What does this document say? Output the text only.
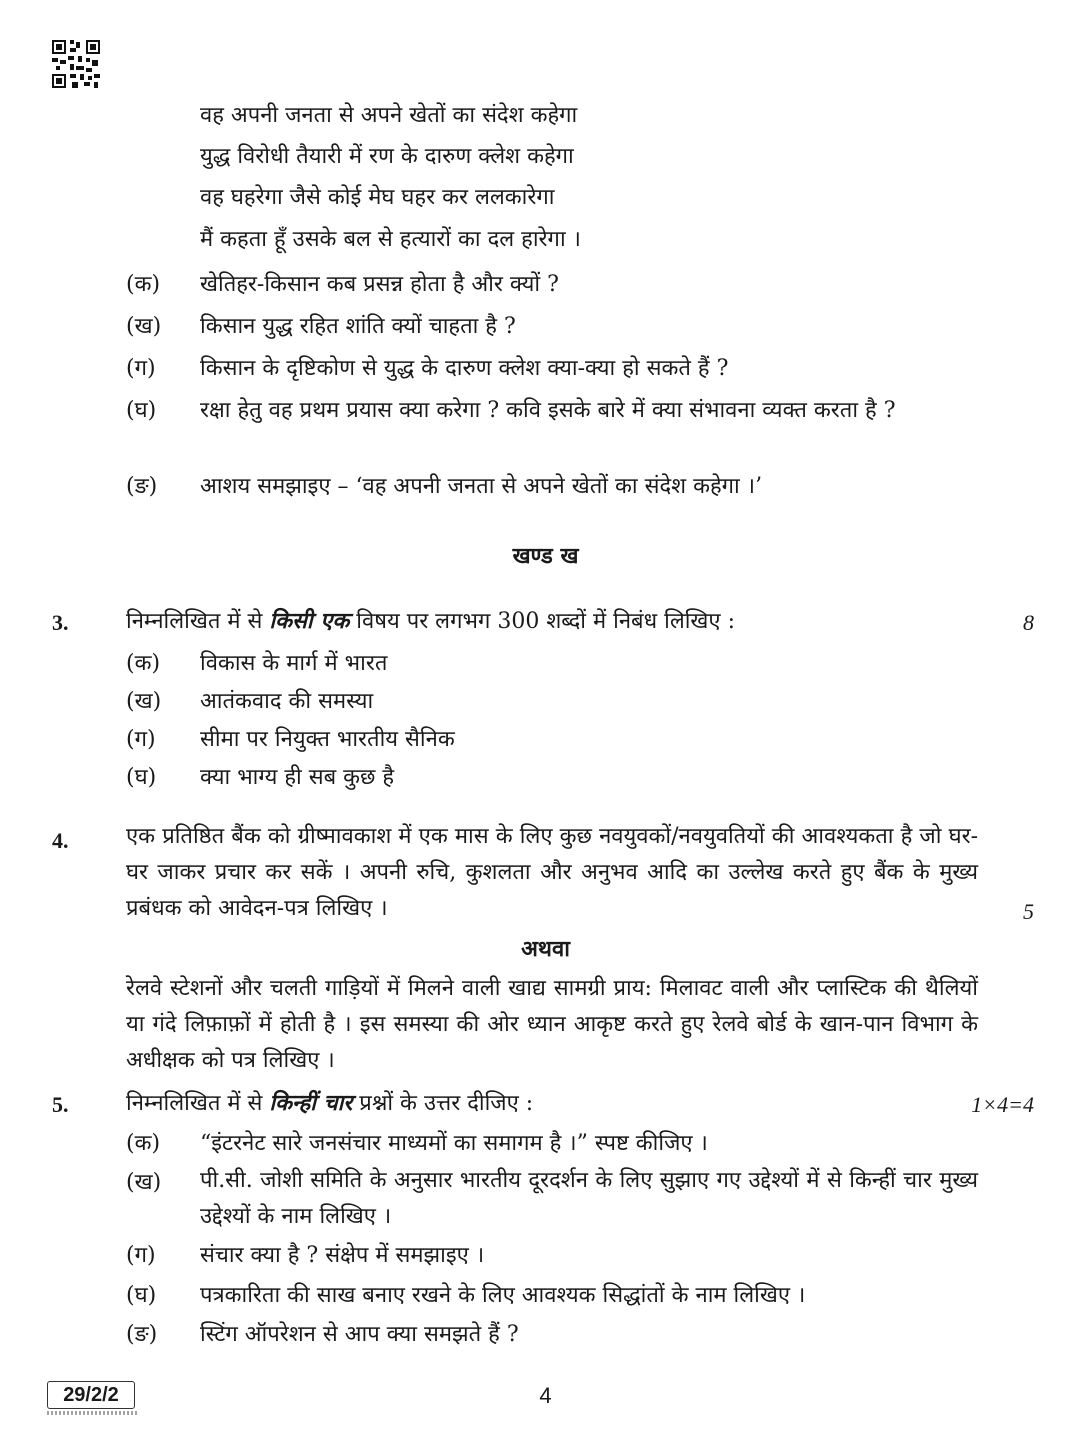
वह अपनी जनता से अपने खेतों का संदेश कहेगा
युद्ध विरोधी तैयारी में रण के दारुण क्लेश कहेगा
वह घहरेगा जैसे कोई मेघ घहर कर ललकारेगा
मैं कहता हूँ उसके बल से हत्यारों का दल हारेगा ।
(क) खेतिहर-किसान कब प्रसन्न होता है और क्यों ?
(ख) किसान युद्ध रहित शांति क्यों चाहता है ?
(ग) किसान के दृष्टिकोण से युद्ध के दारुण क्लेश क्या-क्या हो सकते हैं ?
(घ) रक्षा हेतु वह प्रथम प्रयास क्या करेगा ? कवि इसके बारे में क्या संभावना व्यक्त करता है ?
(ङ) आशय समझाइए – ‘वह अपनी जनता से अपने खेतों का संदेश कहेगा ।’
खण्ड ख
3.	निम्नलिखित में से किसी एक विषय पर लगभग 300 शब्दों में निबंध लिखिए :	8
(क) विकास के मार्ग में भारत
(ख) आतंकवाद की समस्या
(ग) सीमा पर नियुक्त भारतीय सैनिक
(घ) क्या भाग्य ही सब कुछ है
4.	एक प्रतिष्ठित बैंक को ग्रीष्मावकाश में एक मास के लिए कुछ नवयुवकों/नवयुवतियों की आवश्यकता है जो घर-घर जाकर प्रचार कर सकें । अपनी रुचि, कुशलता और अनुभव आदि का उल्लेख करते हुए बैंक के मुख्य प्रबंधक को आवेदन-पत्र लिखिए ।	5
अथवा
रेलवे स्टेशनों और चलती गाड़ियों में मिलने वाली खाद्य सामग्री प्राय: मिलावट वाली और प्लास्टिक की थैलियों या गंदे लिफ़ाफ़ों में होती है । इस समस्या की ओर ध्यान आकृष्ट करते हुए रेलवे बोर्ड के खान-पान विभाग के अधीक्षक को पत्र लिखिए ।
5.	निम्नलिखित में से किन्हीं चार प्रश्नों के उत्तर दीजिए :	1×4=4
(क) “इंटरनेट सारे जनसंचार माध्यमों का समागम है ।” स्पष्ट कीजिए ।
(ख) पी.सी. जोशी समिति के अनुसार भारतीय दूरदर्शन के लिए सुझाए गए उद्देश्यों में से किन्हीं चार मुख्य उद्देश्यों के नाम लिखिए ।
(ग) संचार क्या है ? संक्षेप में समझाइए ।
(घ) पत्रकारिता की साख बनाए रखने के लिए आवश्यक सिद्धांतों के नाम लिखिए ।
(ङ) स्टिंग ऑपरेशन से आप क्या समझते हैं ?
29/2/2	4
